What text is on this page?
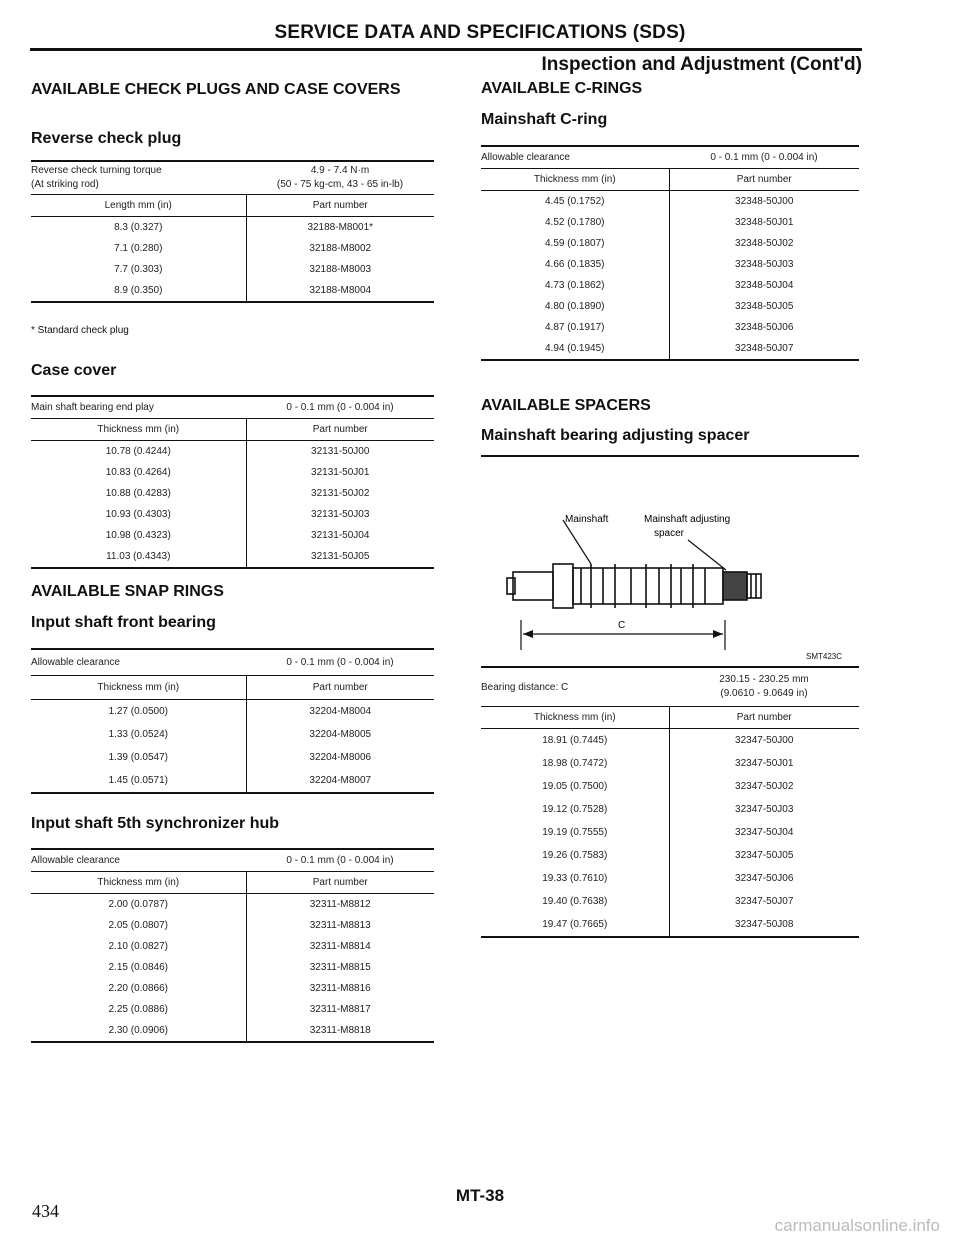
SERVICE DATA AND SPECIFICATIONS (SDS)
Inspection and Adjustment (Cont'd)
AVAILABLE CHECK PLUGS AND CASE COVERS
Reverse check plug
Reverse check turning torque
(At striking rod)	4.9 - 7.4 N·m
(50 - 75 kg-cm, 43 - 65 in-lb)
Length mm (in)	Part number
8.3 (0.327)	32188-M8001*
7.1 (0.280)	32188-M8002
7.7 (0.303)	32188-M8003
8.9 (0.350)	32188-M8004
* Standard check plug
Case cover
Main shaft bearing end play	0 - 0.1 mm (0 - 0.004 in)
Thickness mm (in)	Part number
10.78 (0.4244)	32131-50J00
10.83 (0.4264)	32131-50J01
10.88 (0.4283)	32131-50J02
10.93 (0.4303)	32131-50J03
10.98 (0.4323)	32131-50J04
11.03 (0.4343)	32131-50J05
AVAILABLE SNAP RINGS
Input shaft front bearing
Allowable clearance	0 - 0.1 mm (0 - 0.004 in)
Thickness mm (in)	Part number
1.27 (0.0500)	32204-M8004
1.33 (0.0524)	32204-M8005
1.39 (0.0547)	32204-M8006
1.45 (0.0571)	32204-M8007
Input shaft 5th synchronizer hub
Allowable clearance	0 - 0.1 mm (0 - 0.004 in)
Thickness mm (in)	Part number
2.00 (0.0787)	32311-M8812
2.05 (0.0807)	32311-M8813
2.10 (0.0827)	32311-M8814
2.15 (0.0846)	32311-M8815
2.20 (0.0866)	32311-M8816
2.25 (0.0886)	32311-M8817
2.30 (0.0906)	32311-M8818
AVAILABLE C-RINGS
Mainshaft C-ring
Allowable clearance	0 - 0.1 mm (0 - 0.004 in)
Thickness mm (in)	Part number
4.45 (0.1752)	32348-50J00
4.52 (0.1780)	32348-50J01
4.59 (0.1807)	32348-50J02
4.66 (0.1835)	32348-50J03
4.73 (0.1862)	32348-50J04
4.80 (0.1890)	32348-50J05
4.87 (0.1917)	32348-50J06
4.94 (0.1945)	32348-50J07
AVAILABLE SPACERS
Mainshaft bearing adjusting spacer
Mainshaft	Mainshaft adjusting
spacer
C
SMT423C
Bearing distance: C	230.15 - 230.25 mm
(9.0610 - 9.0649 in)
Thickness mm (in)	Part number
18.91 (0.7445)	32347-50J00
18.98 (0.7472)	32347-50J01
19.05 (0.7500)	32347-50J02
19.12 (0.7528)	32347-50J03
19.19 (0.7555)	32347-50J04
19.26 (0.7583)	32347-50J05
19.33 (0.7610)	32347-50J06
19.40 (0.7638)	32347-50J07
19.47 (0.7665)	32347-50J08
MT-38
434
carmanualsonline.info
